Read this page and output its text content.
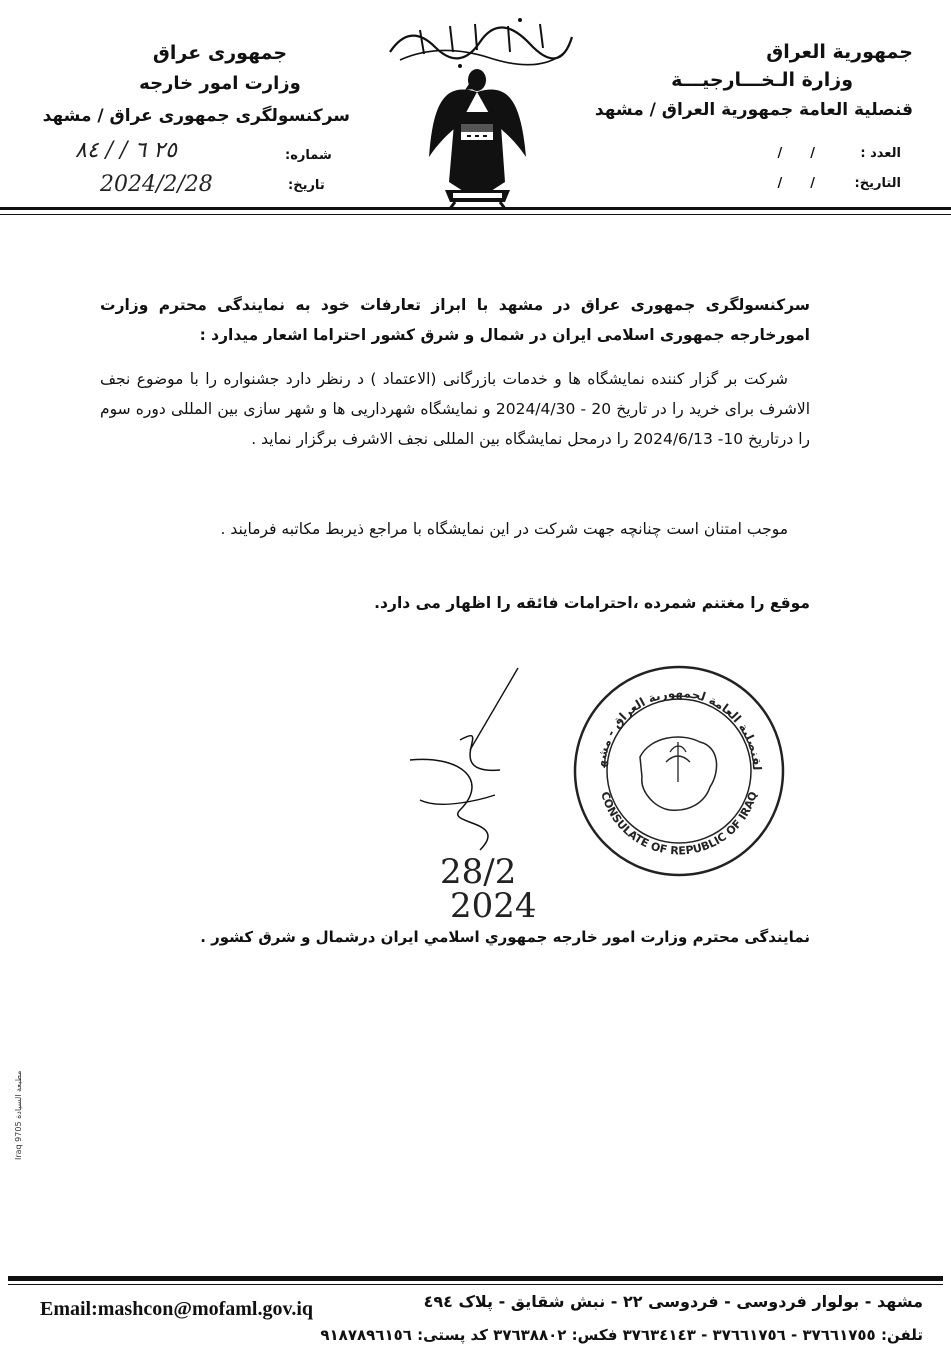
جمهورية العراق
وزارة الـخـــارجيـــة
قنصلية العامة جمهورية العراق / مشهد
العدد :
//
التاريخ:
//
جمهوری عراق
وزارت امور خارجه
سرکنسولگری جمهوری عراق / مشهد
شماره:
٢٥ ٦ / / ٨٤
تاریخ:
2024/2/28
سرکنسولگری جمهوری عراق در مشهد با ابراز تعارفات خود به نمایندگی محترم وزارت امورخارجه جمهوری اسلامی ایران در شمال و شرق کشور احتراما اشعار میدارد :
شرکت بر گزار کننده نمایشگاه ها و خدمات بازرگانی (الاعتماد ) د رنظر دارد جشنواره را با موضوع نجف الاشرف برای خرید را در تاریخ 20 - 2024/4/30 و نمایشگاه شهرداریی ها و شهر سازی بین المللی دوره سوم را درتاریخ 10- 2024/6/13 را درمحل نمایشگاه بین المللی نجف الاشرف برگزار نماید .
موجب امتنان است چنانچه جهت شرکت در این نمایشگاه با مراجع ذیربط مکاتبه فرمایند .
موقع را مغتنم شمرده ،احترامات فائقه را اظهار می دارد.
28/2
2024
لقنصلية العامة لجمهورية العراق - مشه
CONSULATE OF REPUBLIC OF IRAQ
نمایندگی محترم وزارت امور خارجه جمهوري اسلامي ايران درشمال و شرق كشور .
Iraq 9705 مطبعة السيادة
مشهد - بولوار فردوسی - فردوسی ٢٢ - نبش شقایق - پلاک ٤٩٤
Email:mashcon@mofaml.gov.iq
تلفن: ٣٧٦٦١٧٥٥ - ٣٧٦٦١٧٥٦ - ٣٧٦٣٤١٤٣ فكس: ٣٧٦٣٨٨٠٢ كد پستی: ٩١٨٧٨٩٦١٥٦
